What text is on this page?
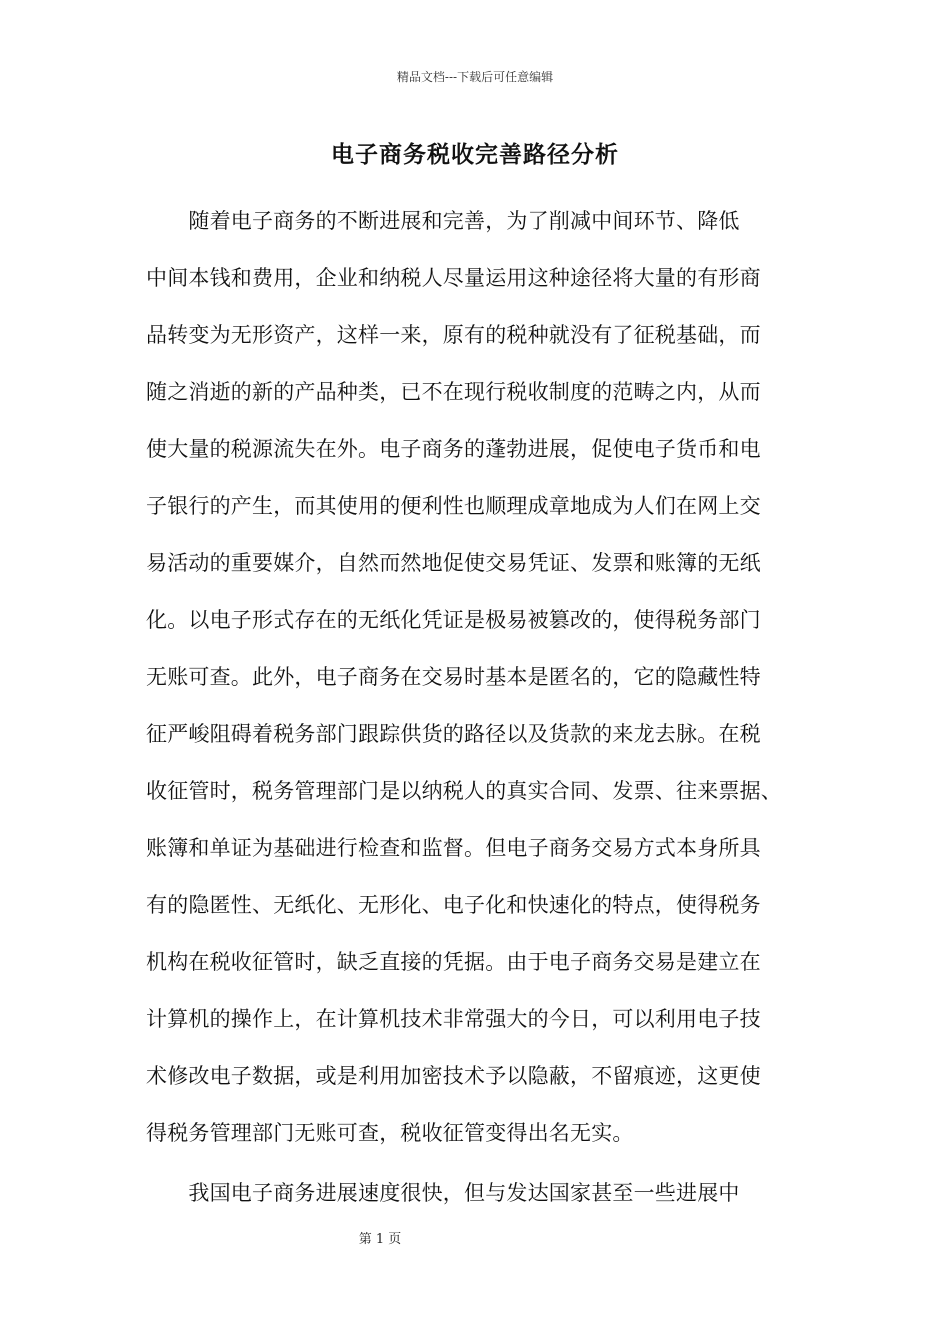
精品文档---下载后可任意编辑
电子商务税收完善路径分析
　　随着电子商务的不断进展和完善，为了削减中间环节、降低
中间本钱和费用，企业和纳税人尽量运用这种途径将大量的有形商
品转变为无形资产，这样一来，原有的税种就没有了征税基础，而
随之消逝的新的产品种类，已不在现行税收制度的范畴之内，从而
使大量的税源流失在外。电子商务的蓬勃进展，促使电子货币和电
子银行的产生，而其使用的便利性也顺理成章地成为人们在网上交
易活动的重要媒介，自然而然地促使交易凭证、发票和账簿的无纸
化。以电子形式存在的无纸化凭证是极易被篡改的，使得税务部门
无账可查。此外，电子商务在交易时基本是匿名的，它的隐藏性特
征严峻阻碍着税务部门跟踪供货的路径以及货款的来龙去脉。在税
收征管时，税务管理部门是以纳税人的真实合同、发票、往来票据、
账簿和单证为基础进行检查和监督。但电子商务交易方式本身所具
有的隐匿性、无纸化、无形化、电子化和快速化的特点，使得税务
机构在税收征管时，缺乏直接的凭据。由于电子商务交易是建立在
计算机的操作上，在计算机技术非常强大的今日，可以利用电子技
术修改电子数据，或是利用加密技术予以隐蔽，不留痕迹，这更使
得税务管理部门无账可查，税收征管变得出名无实。
　　我国电子商务进展速度很快，但与发达国家甚至一些进展中
第 1 页
